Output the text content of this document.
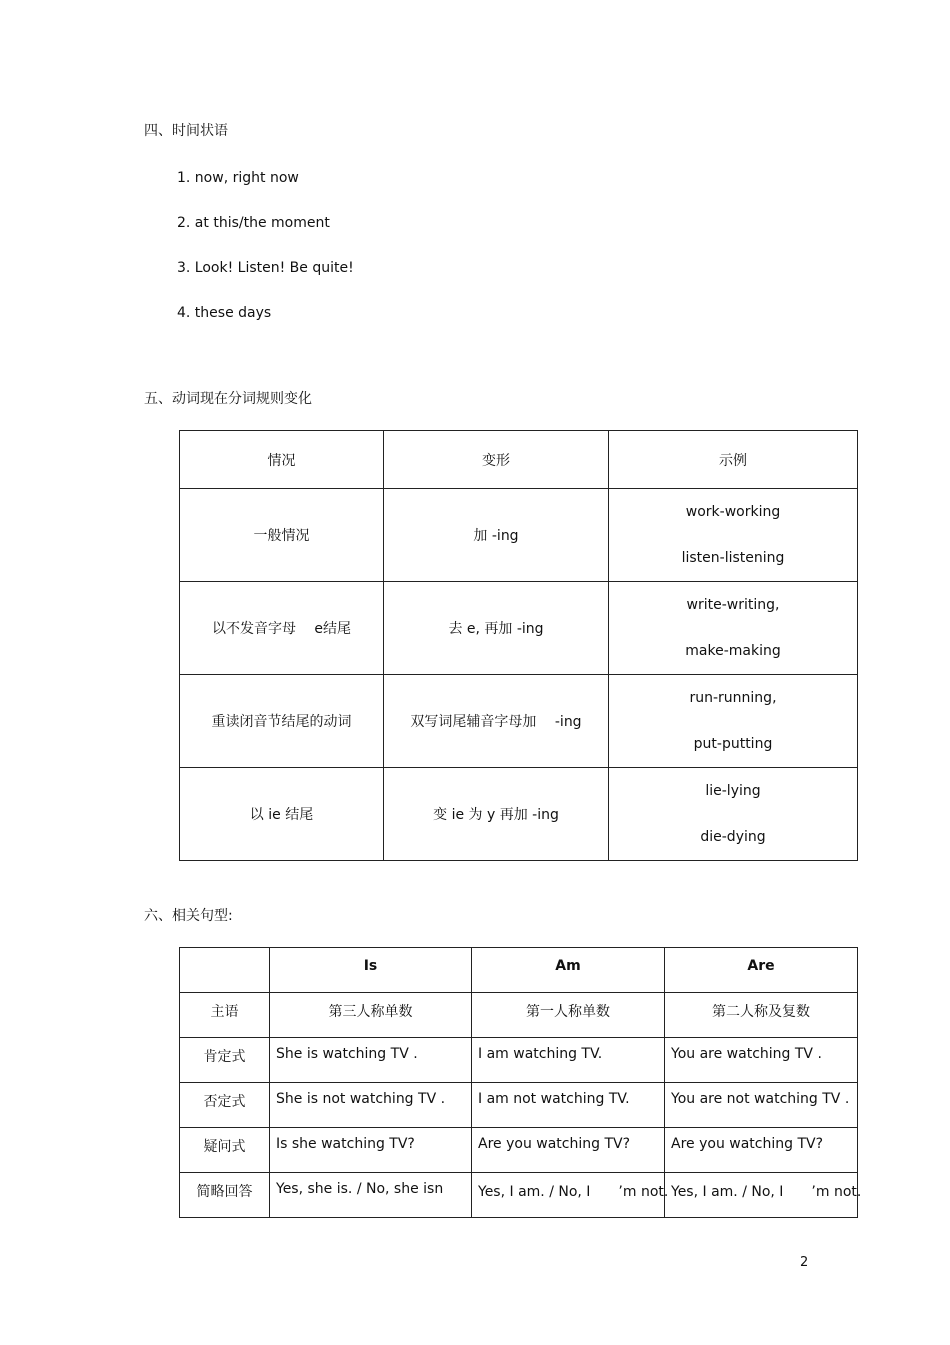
四、时间状语
1. now, right now
2. at this/the moment
3. Look! Listen! Be quite!
4. these days
五、动词现在分词规则变化
情况	变形	示例
一般情况	加 -ing	work-working
listen-listening

以不发音字母　 e结尾	去 e, 再加 -ing	write-writing,
make-making

重读闭音节结尾的动词	双写词尾辅音字母加　 -ing	run-running,
put-putting

以 ie 结尾	变 ie 为 y 再加 -ing	lie-lying
die-dying
六、相关句型:
	Is	Am	Are
主语	第三人称单数	第一人称单数	第二人称及复数
肯定式	She is watching TV .	I am watching TV.	You are watching TV .
否定式	She is not watching TV .	I am not watching TV.	You are not watching TV .
疑问式	Is she watching TV?	Are you watching TV?	Are you watching TV?
简略回答	Yes, she is. / No, she isn	Yes, I am. / No, I　　’m not.	Yes, I am. / No, I　　’m not.
2
